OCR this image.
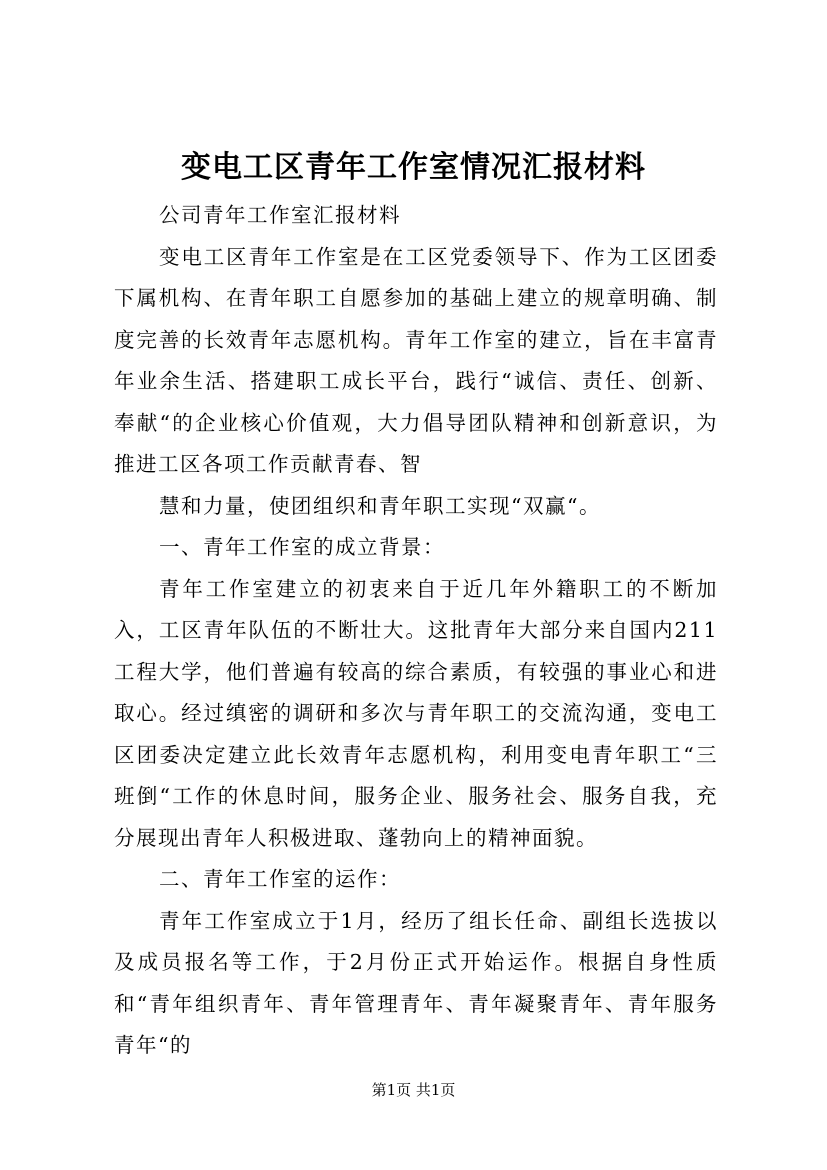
变电工区青年工作室情况汇报材料

公司青年工作室汇报材料

变电工区青年工作室是在工区党委领导下、作为工区团委下属机构、在青年职工自愿参加的基础上建立的规章明确、制度完善的长效青年志愿机构。青年工作室的建立，旨在丰富青年业余生活、搭建职工成长平台，践行“诚信、责任、创新、奉献“的企业核心价值观，大力倡导团队精神和创新意识，为推进工区各项工作贡献青春、智

慧和力量，使团组织和青年职工实现“双赢“。

一、青年工作室的成立背景：

青年工作室建立的初衷来自于近几年外籍职工的不断加入，工区青年队伍的不断壮大。这批青年大部分来自国内211工程大学，他们普遍有较高的综合素质，有较强的事业心和进取心。经过缜密的调研和多次与青年职工的交流沟通，变电工区团委决定建立此长效青年志愿机构，利用变电青年职工“三班倒“工作的休息时间，服务企业、服务社会、服务自我，充分展现出青年人积极进取、蓬勃向上的精神面貌。

二、青年工作室的运作：

青年工作室成立于1月，经历了组长任命、副组长选拔以及成员报名等工作，于2月份正式开始运作。根据自身性质和“青年组织青年、青年管理青年、青年凝聚青年、青年服务青年“的

第1页 共1页
